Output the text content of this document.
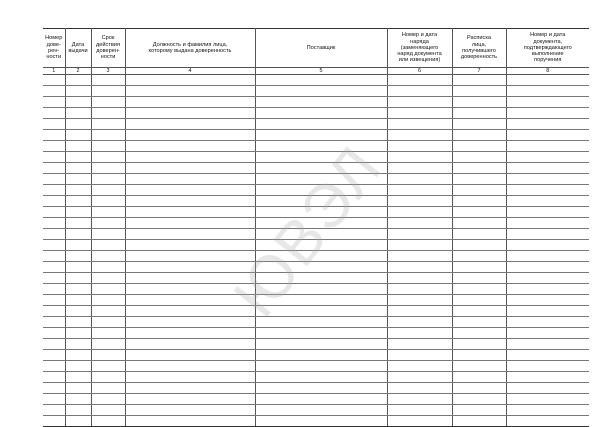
Номер
дове-
рен-
ности	Дата
выдачи	Срок
действия
доверен-
ности	Должность и фамилия лица,
которому выдана доверенность	Поставщик	Номер и дата
наряда
(заменяющего
наряд документа
или извещения)	Расписка
лица,
получившего
доверенность	Номер и дата
документа,
подтверждающего
выполнение
поручения

1	2	3	4	5	6	7	8

ЮВЭЛ
